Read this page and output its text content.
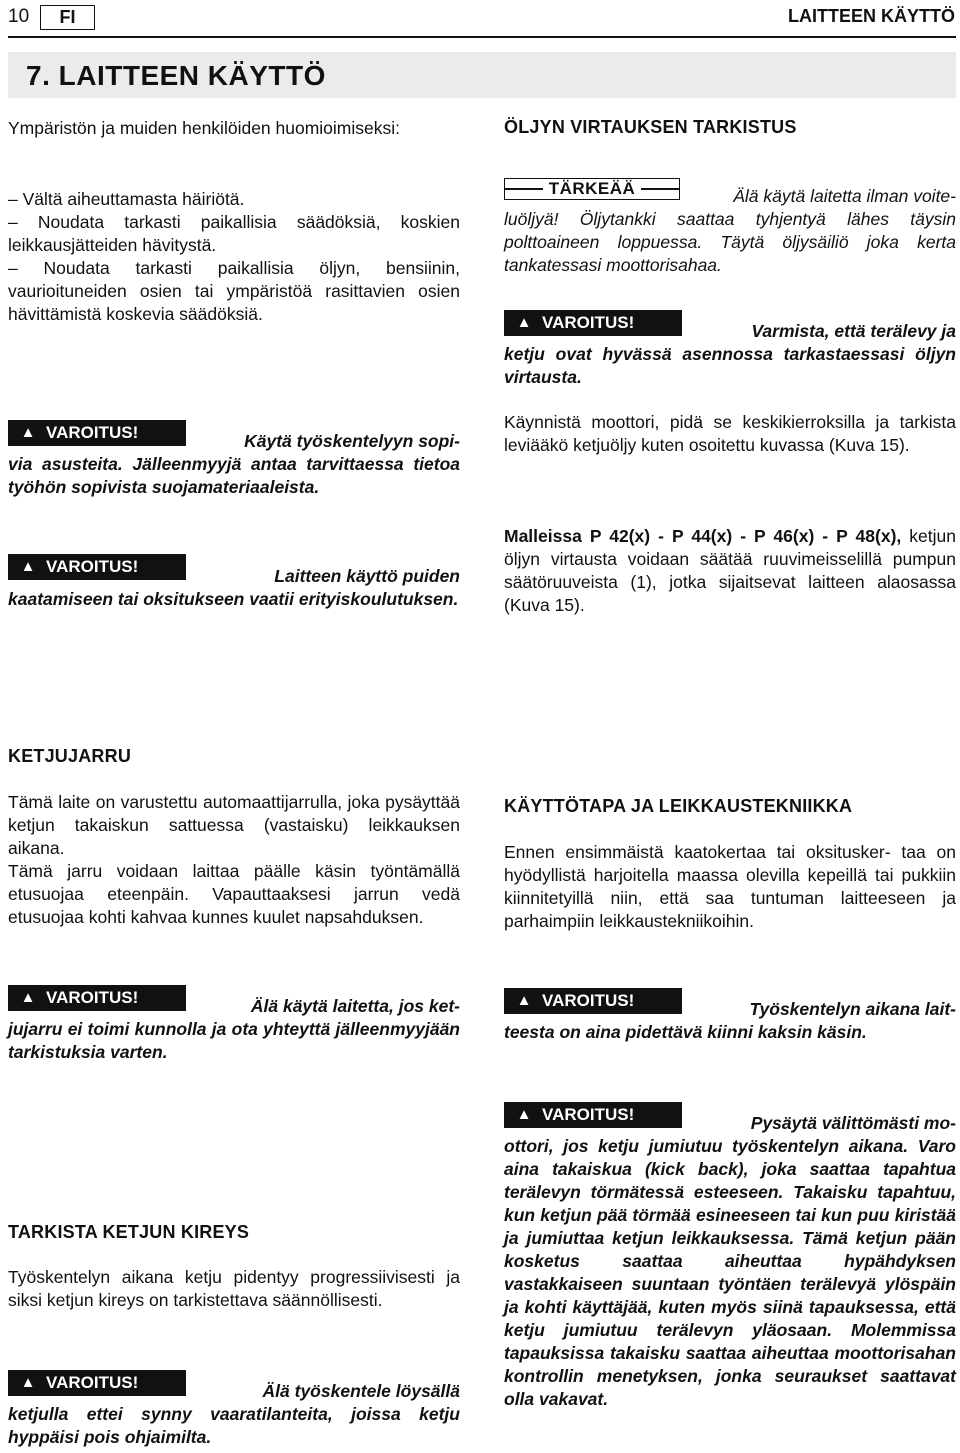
10	FI	LAITTEEN KÄYTTÖ
7. LAITTEEN KÄYTTÖ
Ympäristön ja muiden henkilöiden huomioimiseksi:
– Vältä aiheuttamasta häiriötä.
– Noudata tarkasti paikallisia säädöksiä, koskien leikkausjätteiden hävitystä.
– Noudata tarkasti paikallisia öljyn, bensiinin, vaurioituneiden osien tai ympäristöä rasittavien osien hävittämistä koskevia säädöksiä.
▲ VAROITUS!	Käytä työskentelyyn sopi-
via asusteita. Jälleenmyyjä antaa tarvittaessa tietoa työhön sopivista suojamateriaaleista.
▲ VAROITUS!	Laitteen käyttö puiden
kaatamiseen tai oksitukseen vaatii erityiskoulutuksen.
ÖLJYN VIRTAUKSEN TARKISTUS
TÄRKEÄÄ	Älä käytä laitetta ilman voite-
luöljyä! Öljytankki saattaa tyhjentyä lähes täysin polttoaineen loppuessa. Täytä öljysäiliö joka kerta tankatessasi moottorisahaa.
▲ VAROITUS!	Varmista, että terälevy ja
ketju ovat hyvässä asennossa tarkastaessasi öljyn virtausta.
Käynnistä moottori, pidä se keskikierroksilla ja tarkista leviääkö ketjuöljy kuten osoitettu kuvassa (Kuva 15).
Malleissa P 42(x) - P 44(x) - P 46(x) - P 48(x), ketjun öljyn virtausta voidaan säätää ruuvimeisselillä pumpun säätöruuveista (1), jotka sijaitsevat laitteen alaosassa (Kuva 15).
KETJUJARRU
Tämä laite on varustettu automaattijarrulla, joka pysäyttää ketjun takaiskun sattuessa (vastaisku) leikkauksen aikana.
Tämä jarru voidaan laittaa päälle käsin työntämällä etusuojaa eteenpäin. Vapauttaaksesi jarrun vedä etusuojaa kohti kahvaa kunnes kuulet napsahduksen.
▲ VAROITUS!	Älä käytä laitetta, jos ket-
jujarru ei toimi kunnolla ja ota yhteyttä jälleenmyyjään tarkistuksia varten.
KÄYTTÖTAPA JA LEIKKAUSTEKNIIKKA
Ennen ensimmäistä kaatokertaa tai oksitusker- taa on hyödyllistä harjoitella maassa olevilla kepeillä tai pukkiin kiinnitetyillä niin, että saa tuntuman laitteeseen ja parhaimpiin leikkaustekniikoihin.
▲ VAROITUS!	Työskentelyn aikana lait-
teesta on aina pidettävä kiinni kaksin käsin.
TARKISTA KETJUN KIREYS
Työskentelyn aikana ketju pidentyy progressiivisesti ja siksi ketjun kireys on tarkistettava säännöllisesti.
▲ VAROITUS!	Älä työskentele löysällä
ketjulla ettei synny vaaratilanteita, joissa ketju hyppäisi pois ohjaimilta.
▲ VAROITUS!	Pysäytä välittömästi mo-
ottori, jos ketju jumiutuu työskentelyn aikana. Varo aina takaiskua (kick back), joka saattaa tapahtua terälevyn törmätessä esteeseen. Takaisku tapahtuu, kun ketjun pää törmää esineeseen tai kun puu kiristää ja jumiuttaa ketjun leikkauksessa. Tämä ketjun pään kosketus saattaa aiheuttaa hypähdyksen vastakkaiseen suuntaan työntäen terälevyä ylöspäin ja kohti käyttäjää, kuten myös siinä tapauksessa, että ketju jumiutuu terälevyn yläosaan. Molemmissa tapauksissa takaisku saattaa aiheuttaa moottorisahan kontrollin menetyksen, jonka seuraukset saattavat olla vakavat.
